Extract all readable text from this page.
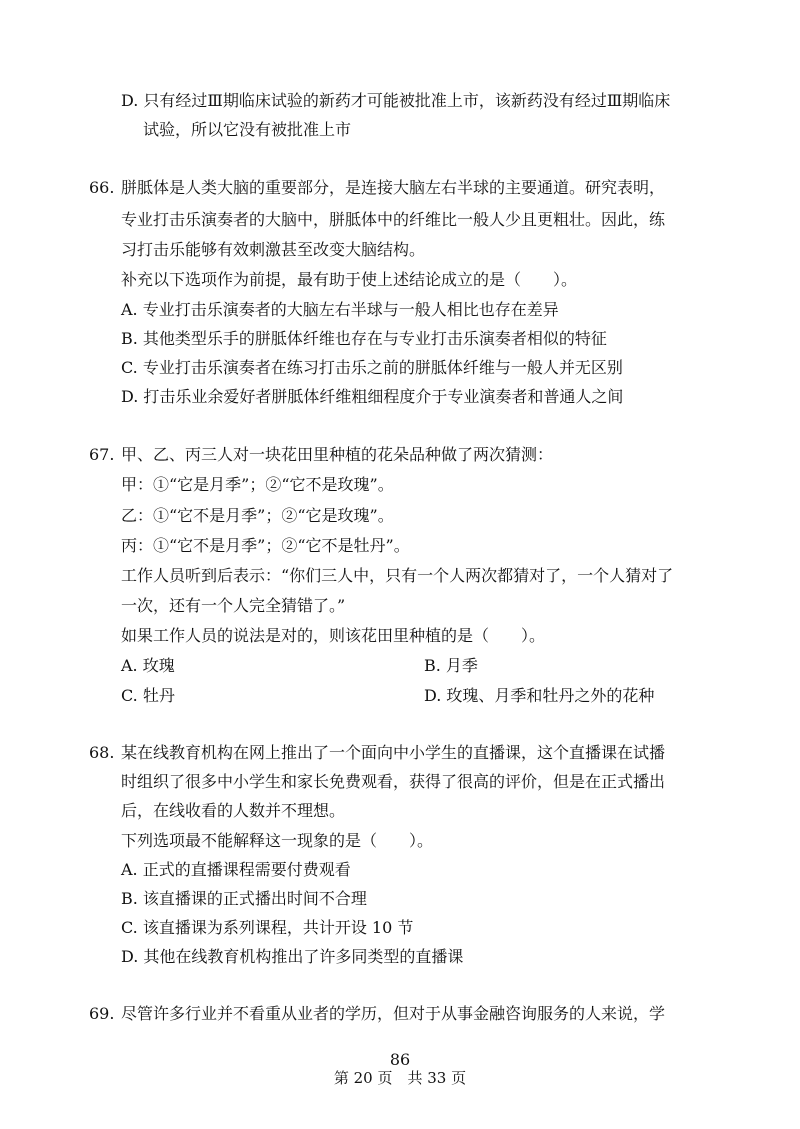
D. 只有经过Ⅲ期临床试验的新药才可能被批准上市，该新药没有经过Ⅲ期临床
试验，所以它没有被批准上市
66. 胼胝体是人类大脑的重要部分，是连接大脑左右半球的主要通道。研究表明，
专业打击乐演奏者的大脑中，胼胝体中的纤维比一般人少且更粗壮。因此，练
习打击乐能够有效刺激甚至改变大脑结构。
补充以下选项作为前提，最有助于使上述结论成立的是（　　）。
A. 专业打击乐演奏者的大脑左右半球与一般人相比也存在差异
B. 其他类型乐手的胼胝体纤维也存在与专业打击乐演奏者相似的特征
C. 专业打击乐演奏者在练习打击乐之前的胼胝体纤维与一般人并无区别
D. 打击乐业余爱好者胼胝体纤维粗细程度介于专业演奏者和普通人之间
67. 甲、乙、丙三人对一块花田里种植的花朵品种做了两次猜测：
甲：①“它是月季”；②“它不是玫瑰”。
乙：①“它不是月季”；②“它是玫瑰”。
丙：①“它不是月季”；②“它不是牡丹”。
工作人员听到后表示：“你们三人中，只有一个人两次都猜对了，一个人猜对了
一次，还有一个人完全猜错了。”
如果工作人员的说法是对的，则该花田里种植的是（　　）。
A. 玫瑰	B. 月季
C. 牡丹	D. 玫瑰、月季和牡丹之外的花种
68. 某在线教育机构在网上推出了一个面向中小学生的直播课，这个直播课在试播
时组织了很多中小学生和家长免费观看，获得了很高的评价，但是在正式播出
后，在线收看的人数并不理想。
下列选项最不能解释这一现象的是（　　）。
A. 正式的直播课程需要付费观看
B. 该直播课的正式播出时间不合理
C. 该直播课为系列课程，共计开设 10 节
D. 其他在线教育机构推出了许多同类型的直播课
69. 尽管许多行业并不看重从业者的学历，但对于从事金融咨询服务的人来说，学
86
第 20 页　共 33 页
